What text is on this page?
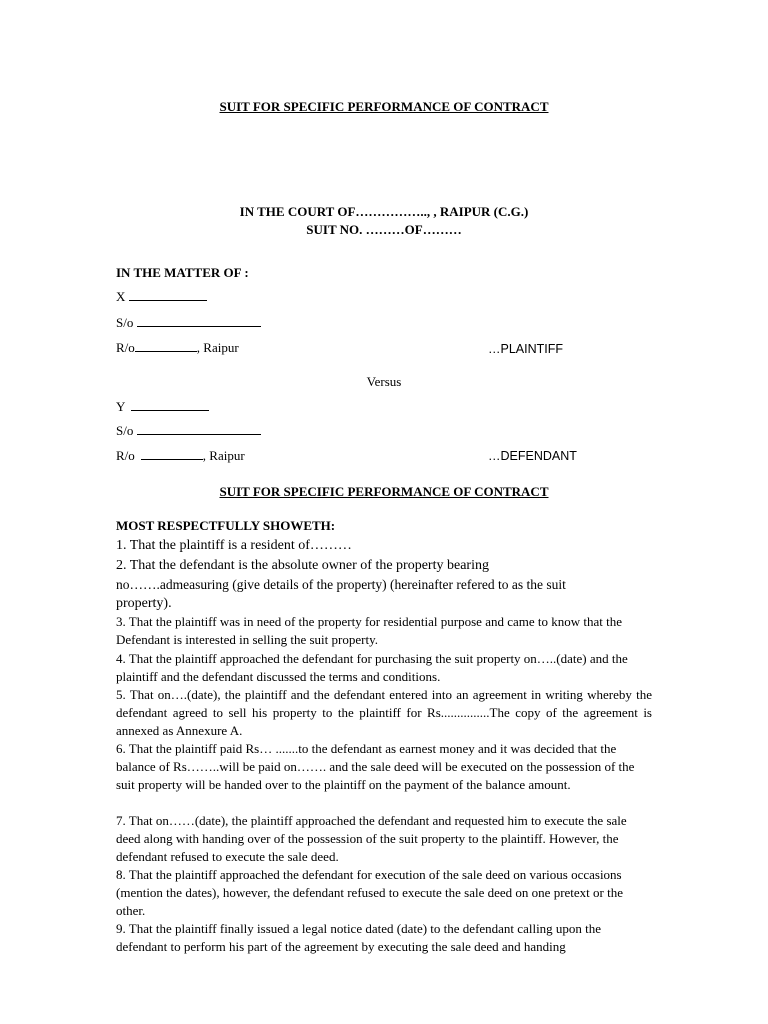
SUIT FOR SPECIFIC PERFORMANCE OF CONTRACT
IN THE COURT OF…………….., , RAIPUR (C.G.)
SUIT NO. ………OF………
IN THE MATTER OF :
X
S/o
R/o	, Raipur	…PLAINTIFF
Versus
Y
S/o
R/o	, Raipur	…DEFENDANT
SUIT FOR SPECIFIC PERFORMANCE OF CONTRACT
MOST RESPECTFULLY SHOWETH:

1. That the plaintiff is a resident of………

2. That the defendant is the absolute owner of the property bearing

no…….admeasuring (give details of the property) (hereinafter refered to as the suit

property).

3. That the plaintiff was in need of the property for residential purpose and came to know that the Defendant is interested in selling the suit property.

4. That the plaintiff approached the defendant for purchasing the suit property on…..(date) and the plaintiff and the defendant discussed the terms and conditions.

5. That on….(date), the plaintiff and the defendant entered into an agreement in writing whereby the defendant agreed to sell his property to the plaintiff for Rs...............The copy of the agreement is annexed as Annexure A.

6. That the plaintiff paid Rs… .......to the defendant as earnest money and it was decided that the balance of Rs……..will be paid on……. and the sale deed will be executed on the possession of the suit property will be handed over to the plaintiff on the payment of the balance amount.

7. That on……(date), the plaintiff approached the defendant and requested him to execute the sale deed along with handing over of the possession of the suit property to the plaintiff. However, the defendant refused to execute the sale deed.

8. That the plaintiff approached the defendant for execution of the sale deed on various occasions (mention the dates), however, the defendant refused to execute the sale deed on one pretext or the other.

9. That the plaintiff finally issued a legal notice dated (date) to the defendant calling upon the defendant to perform his part of the agreement by executing the sale deed and handing
